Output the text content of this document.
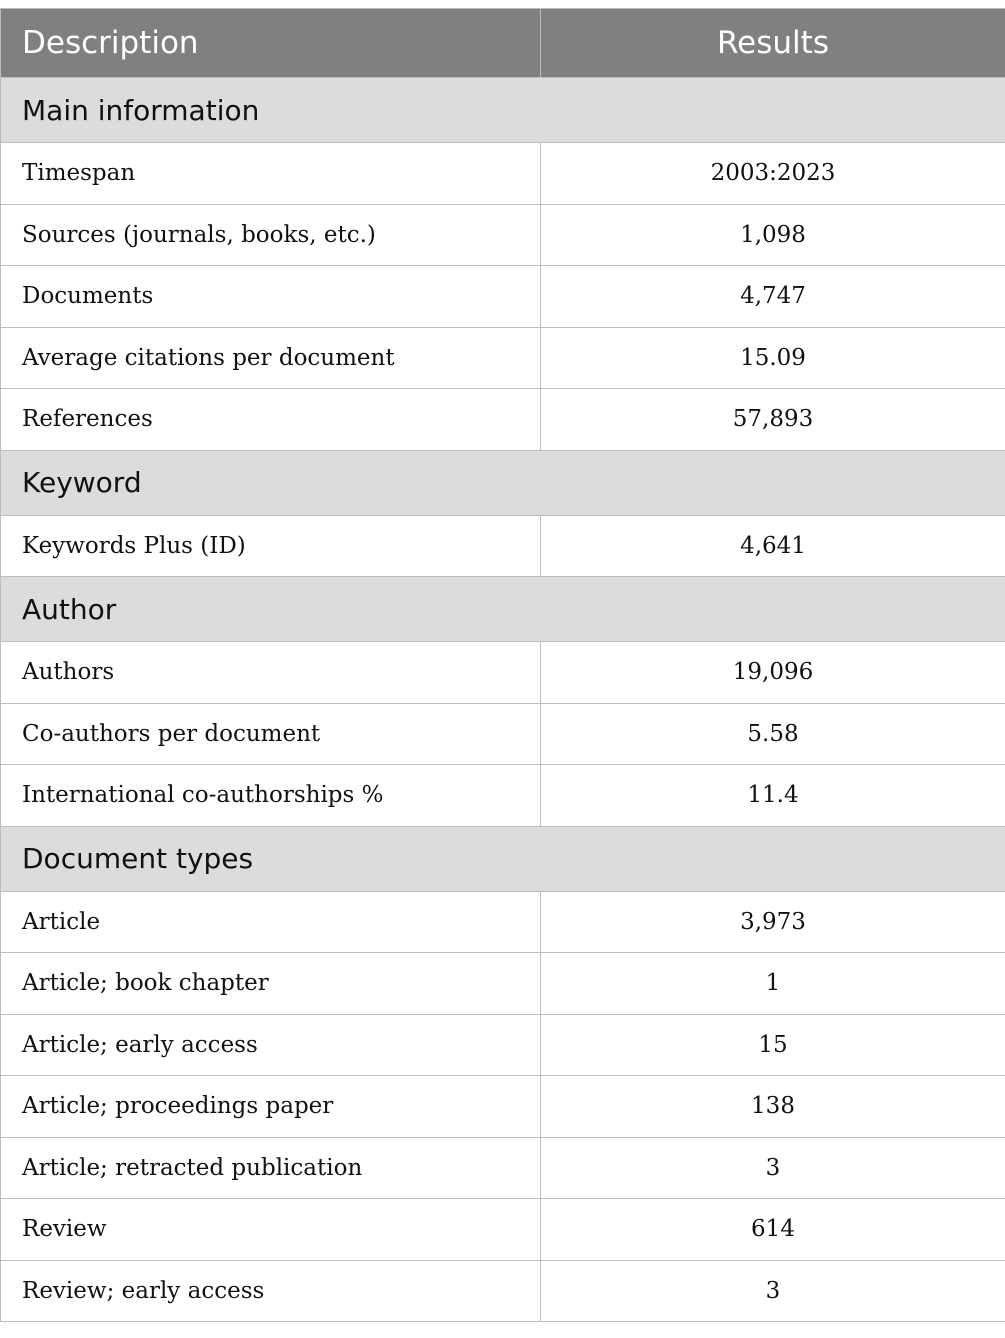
Description	Results
Main information	
Timespan	2003:2023
Sources (journals, books, etc.)	1,098
Documents	4,747
Average citations per document	15.09
References	57,893
Keyword	
Keywords Plus (ID)	4,641
Author	
Authors	19,096
Co-authors per document	5.58
International co-authorships %	11.4
Document types	
Article	3,973
Article; book chapter	1
Article; early access	15
Article; proceedings paper	138
Article; retracted publication	3
Review	614
Review; early access	3
